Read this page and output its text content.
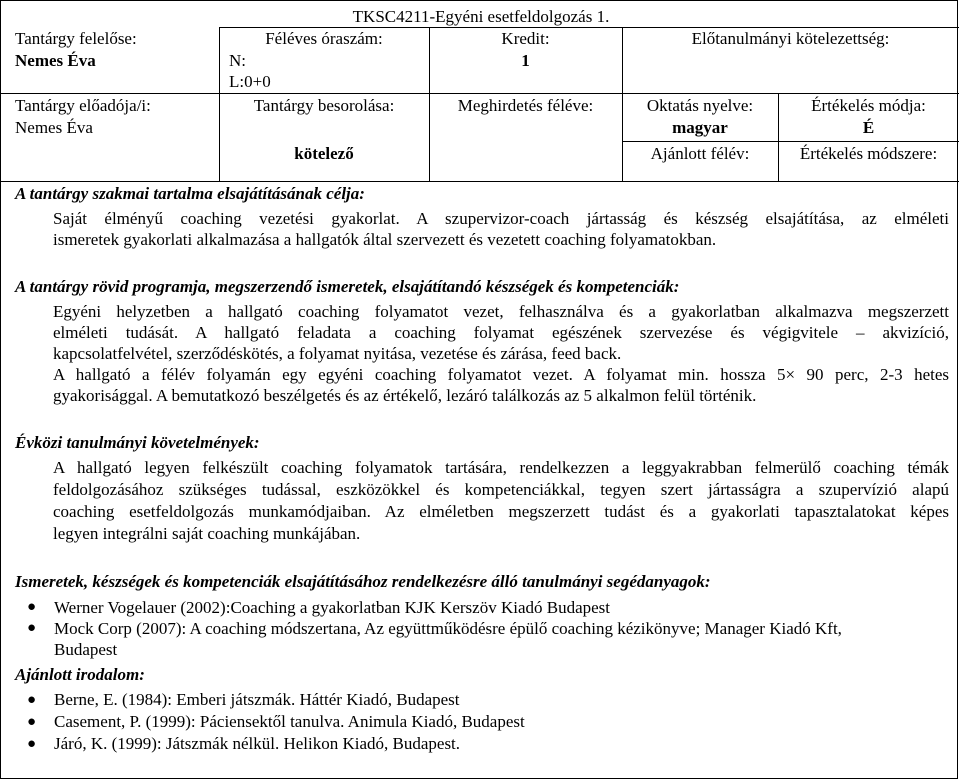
TKSC4211-Egyéni esetfeldolgozás 1.
Tantárgy felelőse:
Nemes Éva
Féléves óraszám:
N:
L:0+0
Kredit:
1
Előtanulmányi kötelezettség:
Tantárgy előadója/i:
Nemes Éva
Tantárgy besorolása:
kötelező
Meghirdetés féléve:	Oktatás nyelve:
magyar
Ajánlott félév:
Értékelés módja:
É
Értékelés módszere:
A tantárgy szakmai tartalma elsajátításának célja:
Saját élményű coaching vezetési gyakorlat. A szupervizor-coach jártasság és készség elsajátítása, az elméleti
ismeretek gyakorlati alkalmazása a hallgatók által szervezett és vezetett coaching folyamatokban.
A tantárgy rövid programja, megszerzendő ismeretek, elsajátítandó készségek és kompetenciák:
Egyéni helyzetben a hallgató coaching folyamatot vezet, felhasználva és a gyakorlatban alkalmazva megszerzett
elméleti tudását. A hallgató feladata a coaching folyamat egészének szervezése és végigvitele – akvizíció,
kapcsolatfelvétel, szerződéskötés, a folyamat nyitása, vezetése és zárása, feed back.
A hallgató a félév folyamán egy egyéni coaching folyamatot vezet. A folyamat min. hossza 5× 90 perc, 2-3 hetes
gyakorisággal. A bemutatkozó beszélgetés és az értékelő, lezáró találkozás az 5 alkalmon felül történik.
Évközi tanulmányi követelmények:
A hallgató legyen felkészült coaching folyamatok tartására, rendelkezzen a leggyakrabban felmerülő coaching témák
feldolgozásához szükséges tudással, eszközökkel és kompetenciákkal, tegyen szert jártasságra a szupervízió alapú
coaching esetfeldolgozás munkamódjaiban. Az elméletben megszerzett tudást és a gyakorlati tapasztalatokat képes
legyen integrálni saját coaching munkájában.
Ismeretek, készségek és kompetenciák elsajátításához rendelkezésre álló tanulmányi segédanyagok:
● Werner Vogelauer (2002):Coaching a gyakorlatban KJK Kerszöv Kiadó Budapest
● Mock Corp (2007): A coaching módszertana, Az együttműködésre épülő coaching kézikönyve; Manager Kiadó Kft,
Budapest
Ajánlott irodalom:
● Berne, E. (1984): Emberi játszmák. Háttér Kiadó, Budapest
● Casement, P. (1999): Páciensektől tanulva. Animula Kiadó, Budapest
● Járó, K. (1999): Játszmák nélkül. Helikon Kiadó, Budapest.
